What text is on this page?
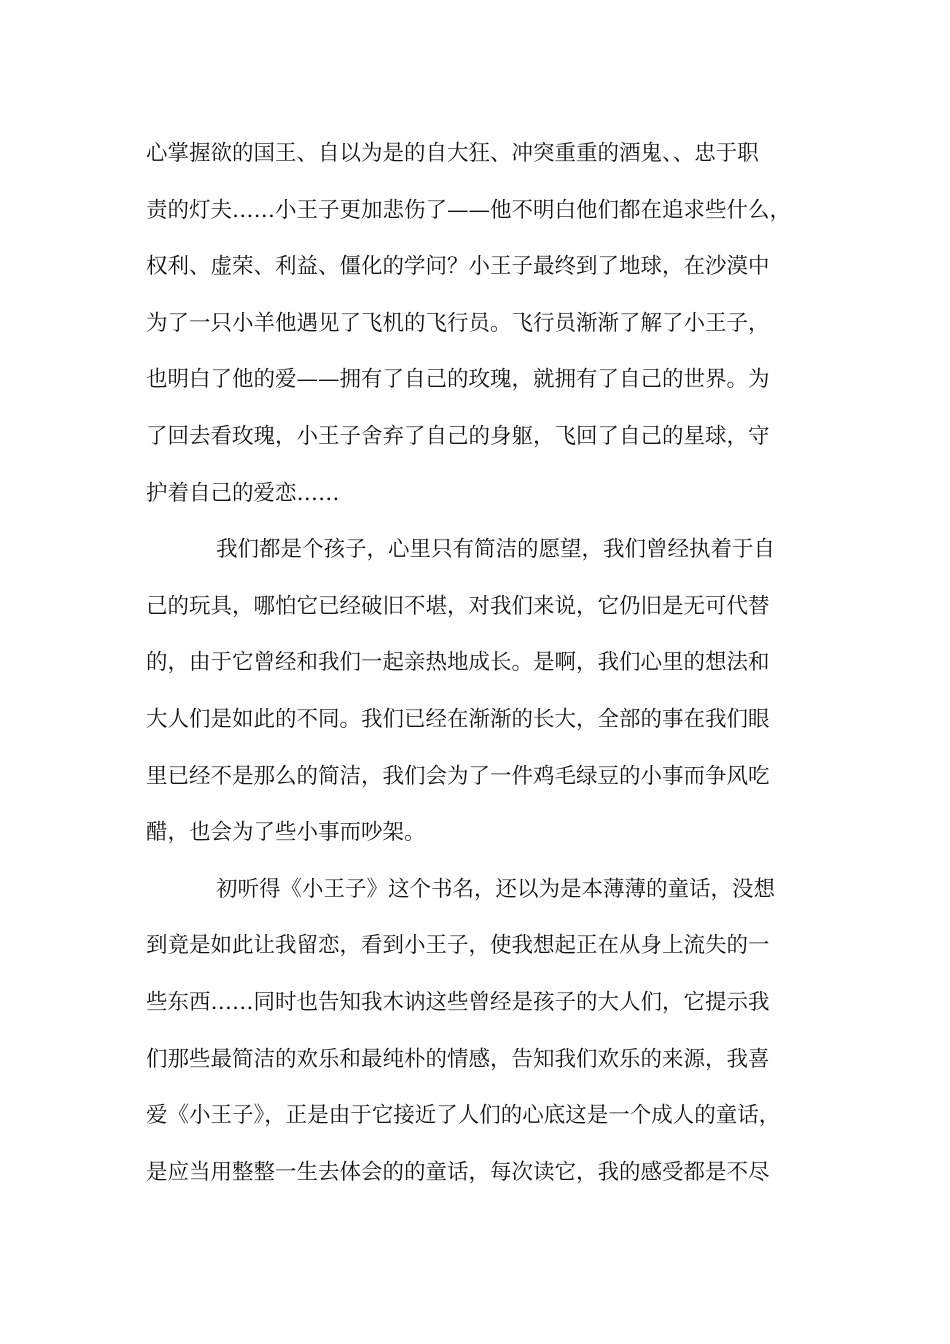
心掌握欲的国王、自以为是的自大狂、冲突重重的酒鬼、、忠于职
责的灯夫……小王子更加悲伤了——他不明白他们都在追求些什么，
权利、虚荣、利益、僵化的学问？小王子最终到了地球，在沙漠中
为了一只小羊他遇见了飞机的飞行员。飞行员渐渐了解了小王子，
也明白了他的爱——拥有了自己的玫瑰，就拥有了自己的世界。为
了回去看玫瑰，小王子舍弃了自己的身躯，飞回了自己的星球，守
护着自己的爱恋……
我们都是个孩子，心里只有简洁的愿望，我们曾经执着于自
己的玩具，哪怕它已经破旧不堪，对我们来说，它仍旧是无可代替
的，由于它曾经和我们一起亲热地成长。是啊，我们心里的想法和
大人们是如此的不同。我们已经在渐渐的长大，全部的事在我们眼
里已经不是那么的简洁，我们会为了一件鸡毛绿豆的小事而争风吃
醋，也会为了些小事而吵架。
初听得《小王子》这个书名，还以为是本薄薄的童话，没想
到竟是如此让我留恋，看到小王子，使我想起正在从身上流失的一
些东西……同时也告知我木讷这些曾经是孩子的大人们，它提示我
们那些最简洁的欢乐和最纯朴的情感，告知我们欢乐的来源，我喜
爱《小王子》，正是由于它接近了人们的心底这是一个成人的童话，
是应当用整整一生去体会的的童话，每次读它，我的感受都是不尽
